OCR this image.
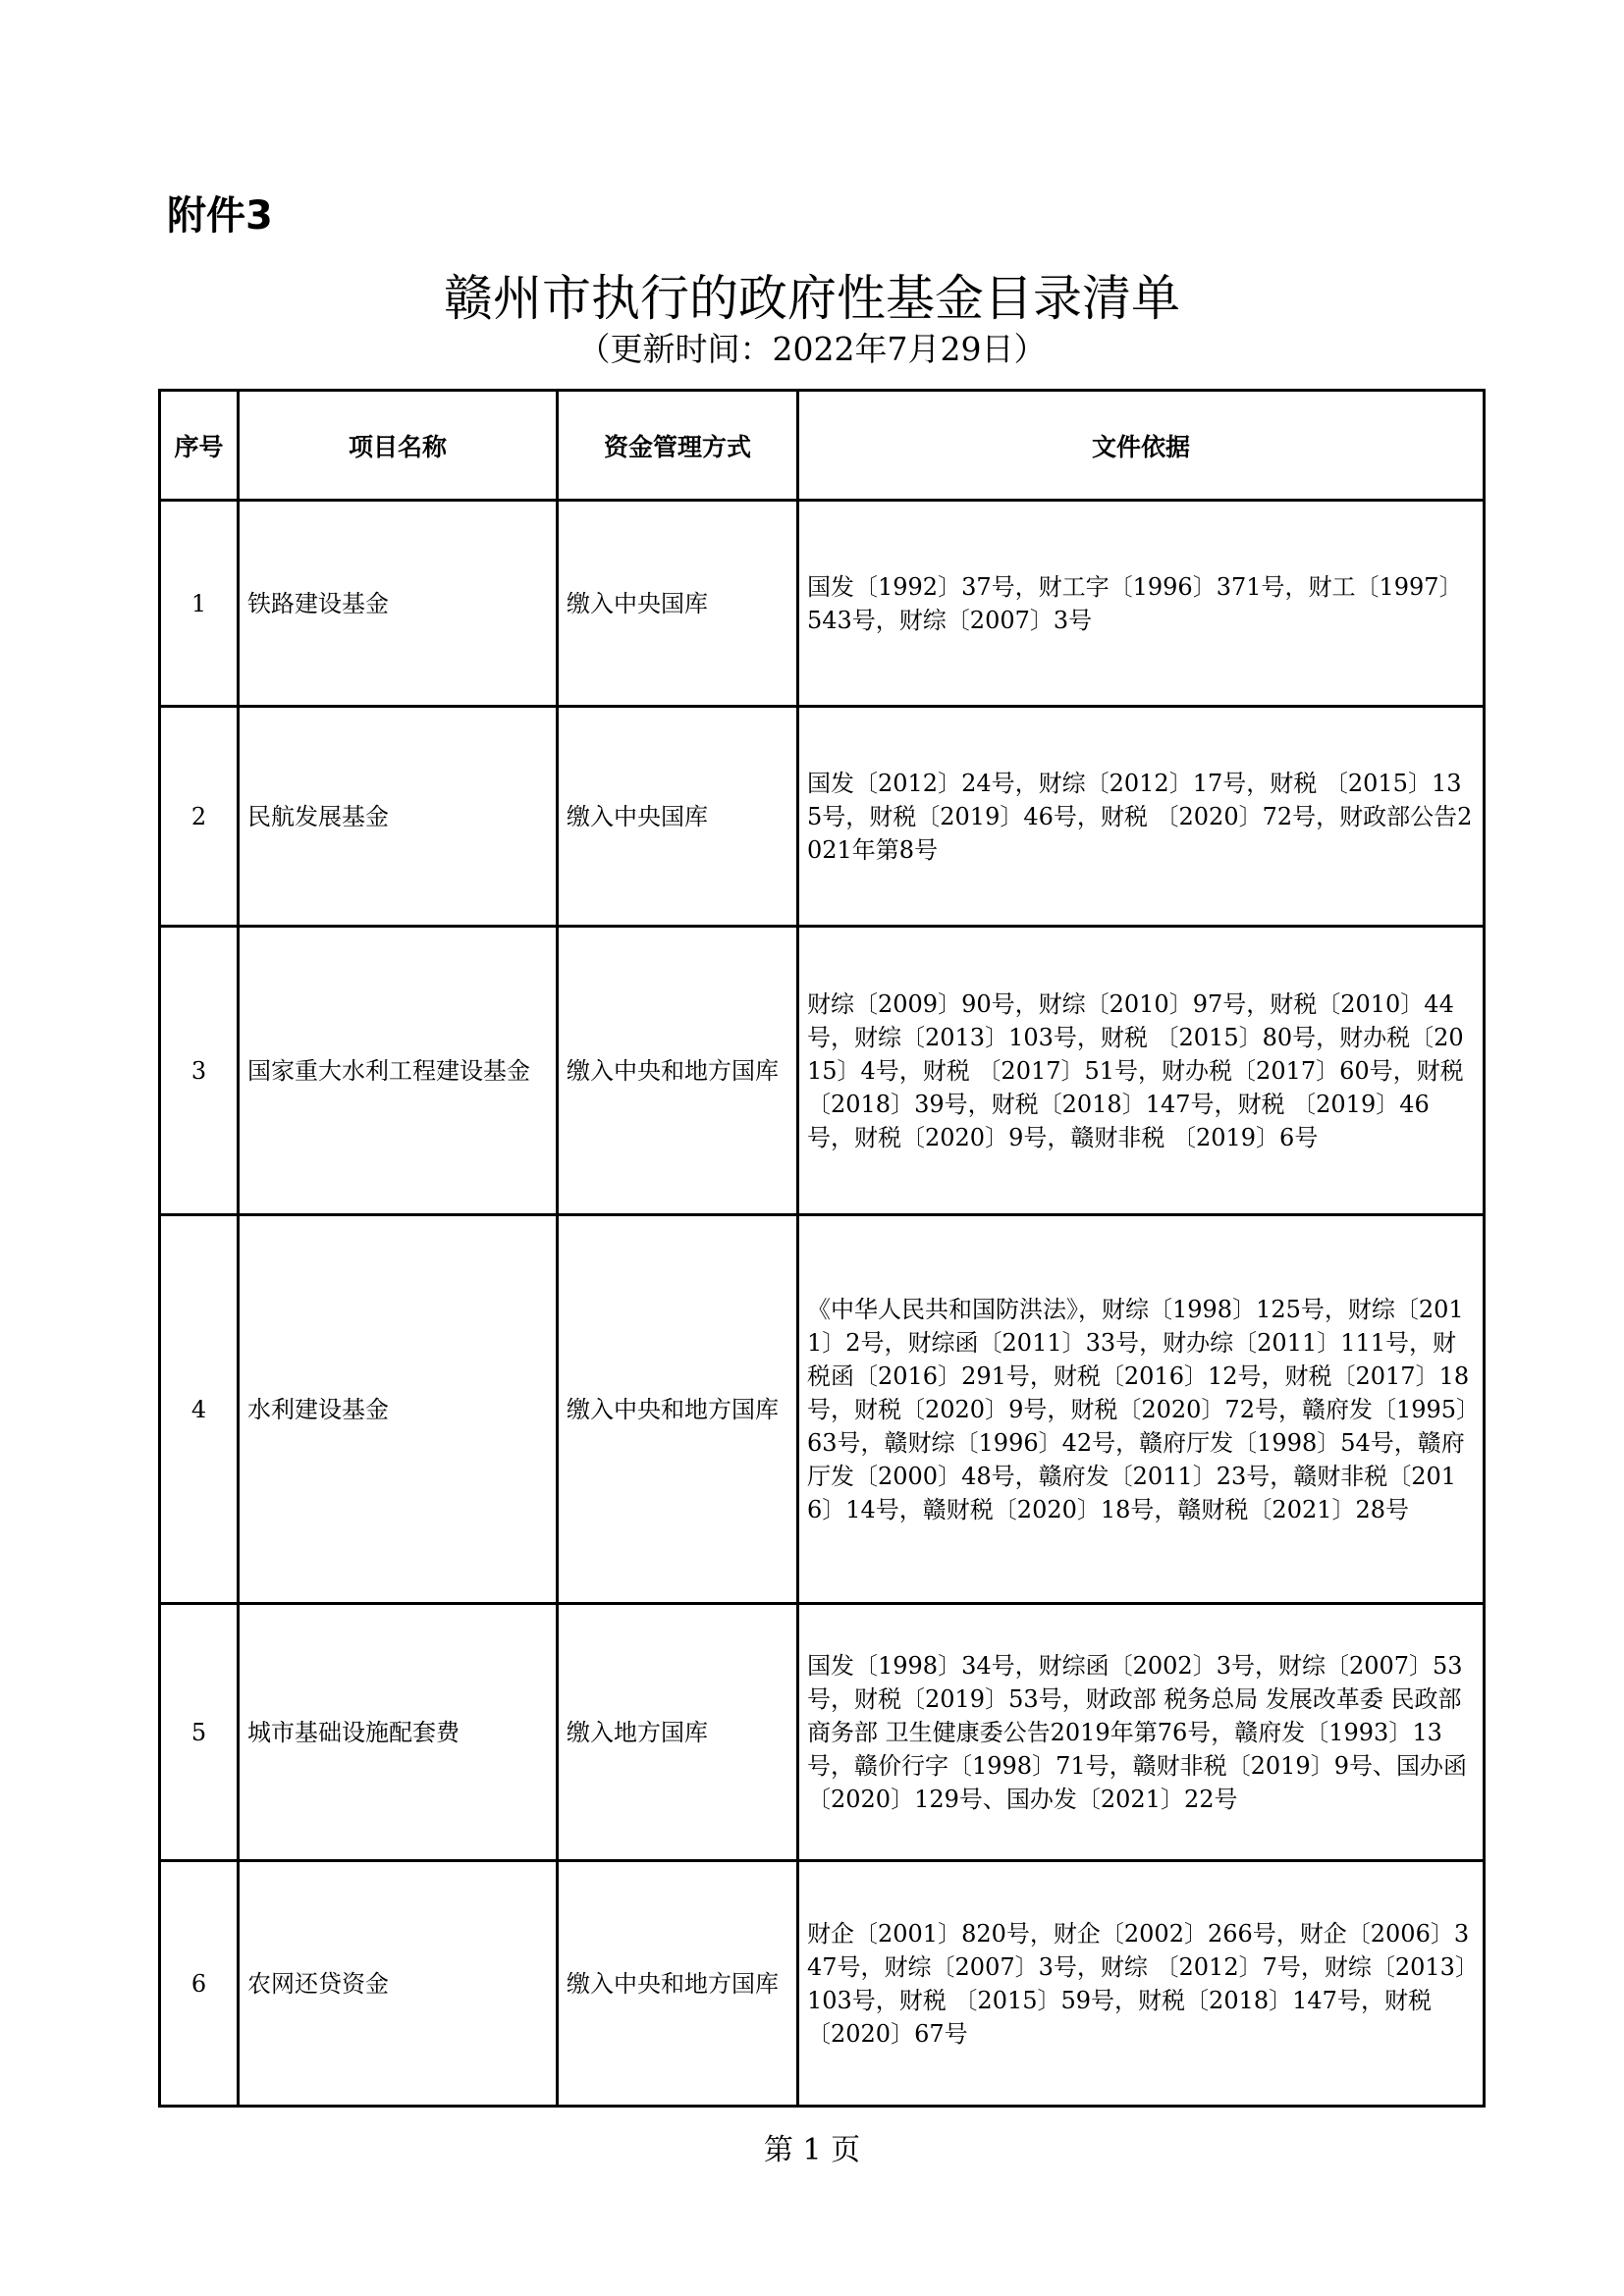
附件3
赣州市执行的政府性基金目录清单

（更新时间：2022年7月29日）

序号	项目名称	资金管理方式	文件依据
1	铁路建设基金	缴入中央国库	国发〔1992〕37号，财工字〔1996〕371号，财工〔1997〕543号，财综〔2007〕3号
2	民航发展基金	缴入中央国库	国发〔2012〕24号，财综〔2012〕17号，财税 〔2015〕135号，财税〔2019〕46号，财税 〔2020〕72号，财政部公告2021年第8号
3	国家重大水利工程建设基金	缴入中央和地方国库	财综〔2009〕90号，财综〔2010〕97号，财税〔2010〕44号，财综〔2013〕103号，财税 〔2015〕80号，财办税〔2015〕4号，财税 〔2017〕51号，财办税〔2017〕60号，财税 〔2018〕39号，财税〔2018〕147号，财税 〔2019〕46号，财税〔2020〕9号，赣财非税 〔2019〕6号
4	水利建设基金	缴入中央和地方国库	《中华人民共和国防洪法》，财综〔1998〕125号，财综〔2011〕2号，财综函〔2011〕33号，财办综〔2011〕111号，财税函〔2016〕291号，财税〔2016〕12号，财税〔2017〕18号，财税〔2020〕9号，财税〔2020〕72号，赣府发〔1995〕63号，赣财综〔1996〕42号，赣府厅发〔1998〕54号，赣府厅发〔2000〕48号，赣府发〔2011〕23号，赣财非税〔2016〕14号，赣财税〔2020〕18号，赣财税〔2021〕28号
5	城市基础设施配套费	缴入地方国库	国发〔1998〕34号，财综函〔2002〕3号，财综〔2007〕53号，财税〔2019〕53号，财政部 税务总局 发展改革委 民政部 商务部 卫生健康委公告2019年第76号，赣府发〔1993〕13号，赣价行字〔1998〕71号，赣财非税〔2019〕9号、国办函〔2020〕129号、国办发〔2021〕22号
6	农网还贷资金	缴入中央和地方国库	财企〔2001〕820号，财企〔2002〕266号，财企〔2006〕347号，财综〔2007〕3号，财综 〔2012〕7号，财综〔2013〕103号，财税 〔2015〕59号，财税〔2018〕147号，财税 〔2020〕67号

第 1 页
